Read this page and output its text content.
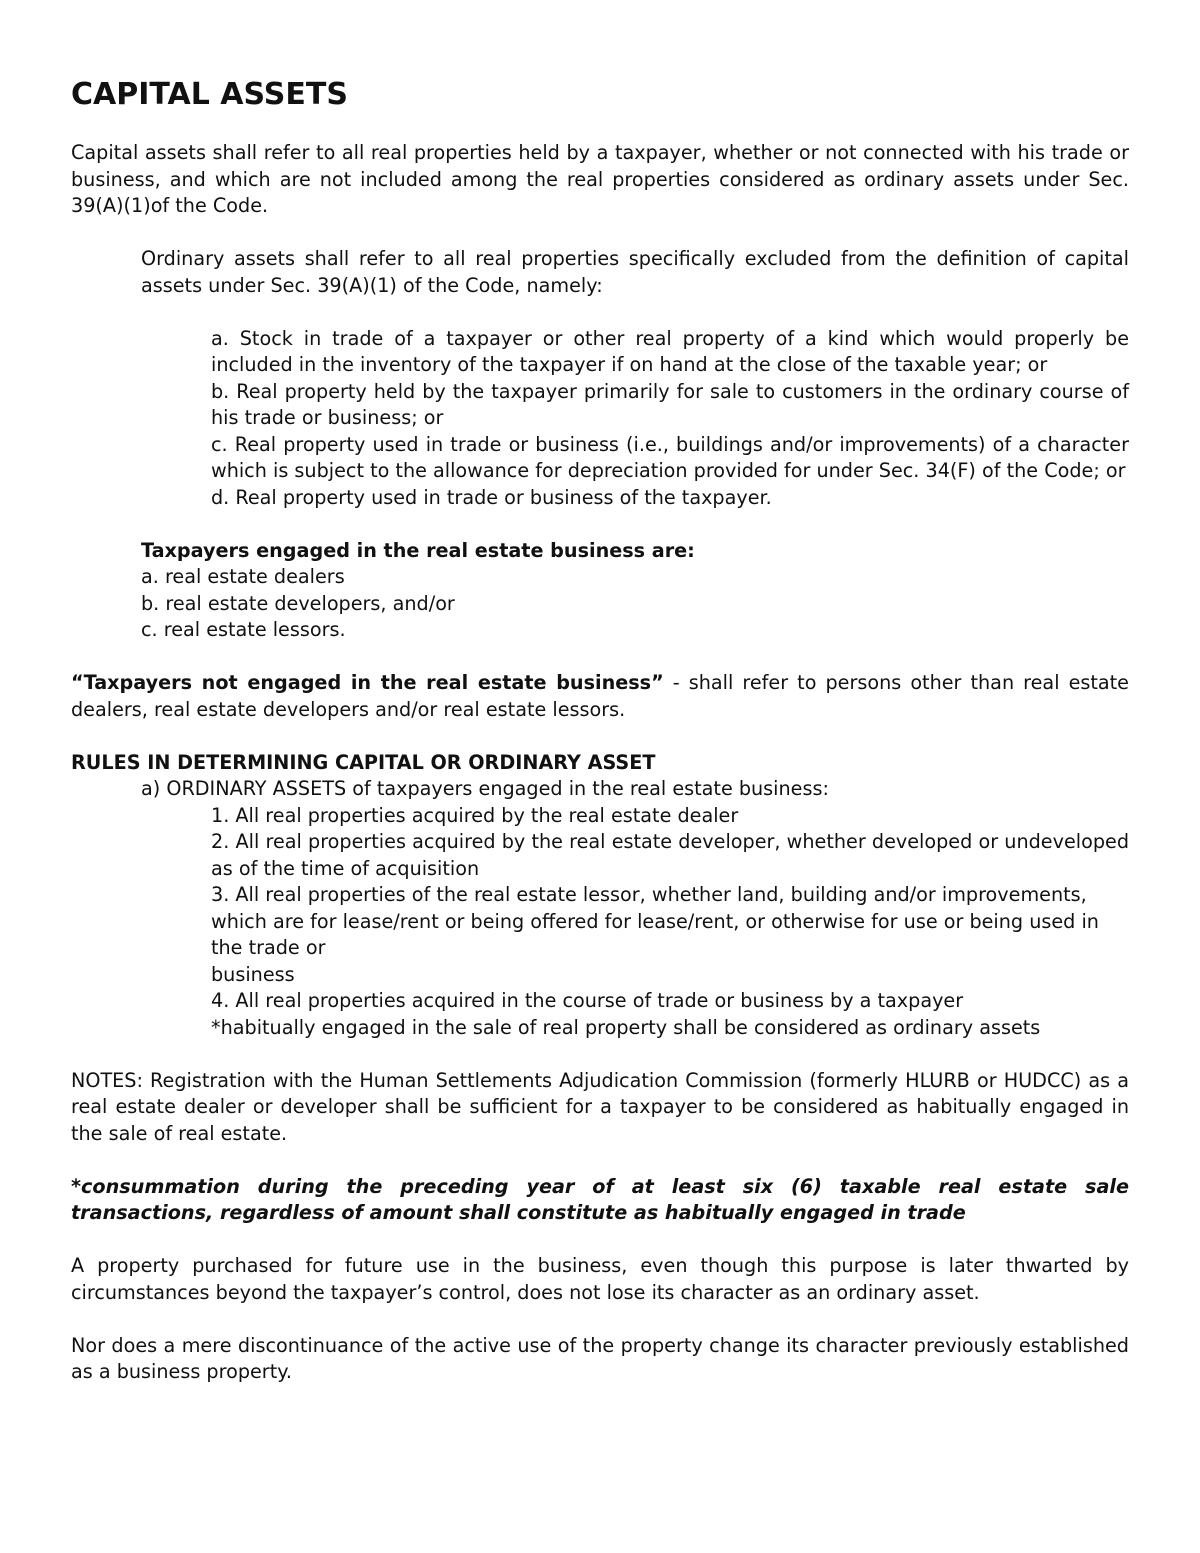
CAPITAL ASSETS

Capital assets shall refer to all real properties held by a taxpayer, whether or not connected with his trade or business, and which are not included among the real properties considered as ordinary assets under Sec. 39(A)(1)of the Code.

Ordinary assets shall refer to all real properties specifically excluded from the definition of capital assets under Sec. 39(A)(1) of the Code, namely:

a. Stock in trade of a taxpayer or other real property of a kind which would properly be included in the inventory of the taxpayer if on hand at the close of the taxable year; or

b. Real property held by the taxpayer primarily for sale to customers in the ordinary course of his trade or business; or

c. Real property used in trade or business (i.e., buildings and/or improvements) of a character which is subject to the allowance for depreciation provided for under Sec. 34(F) of the Code; or

d. Real property used in trade or business of the taxpayer.

Taxpayers engaged in the real estate business are:

a. real estate dealers

b. real estate developers, and/or

c. real estate lessors.

“Taxpayers not engaged in the real estate business” - shall refer to persons other than real estate dealers, real estate developers and/or real estate lessors.

RULES IN DETERMINING CAPITAL OR ORDINARY ASSET

a) ORDINARY ASSETS of taxpayers engaged in the real estate business:

1. All real properties acquired by the real estate dealer

2. All real properties acquired by the real estate developer, whether developed or undeveloped as of the time of acquisition

3. All real properties of the real estate lessor, whether land, building and/or improvements, which are for lease/rent or being offered for lease/rent, or otherwise for use or being used in the trade or

business

4. All real properties acquired in the course of trade or business by a taxpayer

*habitually engaged in the sale of real property shall be considered as ordinary assets

NOTES: Registration with the Human Settlements Adjudication Commission (formerly HLURB or HUDCC) as a real estate dealer or developer shall be sufficient for a taxpayer to be considered as habitually engaged in the sale of real estate.

*consummation during the preceding year of at least six (6) taxable real estate sale transactions, regardless of amount shall constitute as habitually engaged in trade

A property purchased for future use in the business, even though this purpose is later thwarted by circumstances beyond the taxpayer’s control, does not lose its character as an ordinary asset.

Nor does a mere discontinuance of the active use of the property change its character previously established as a business property.
